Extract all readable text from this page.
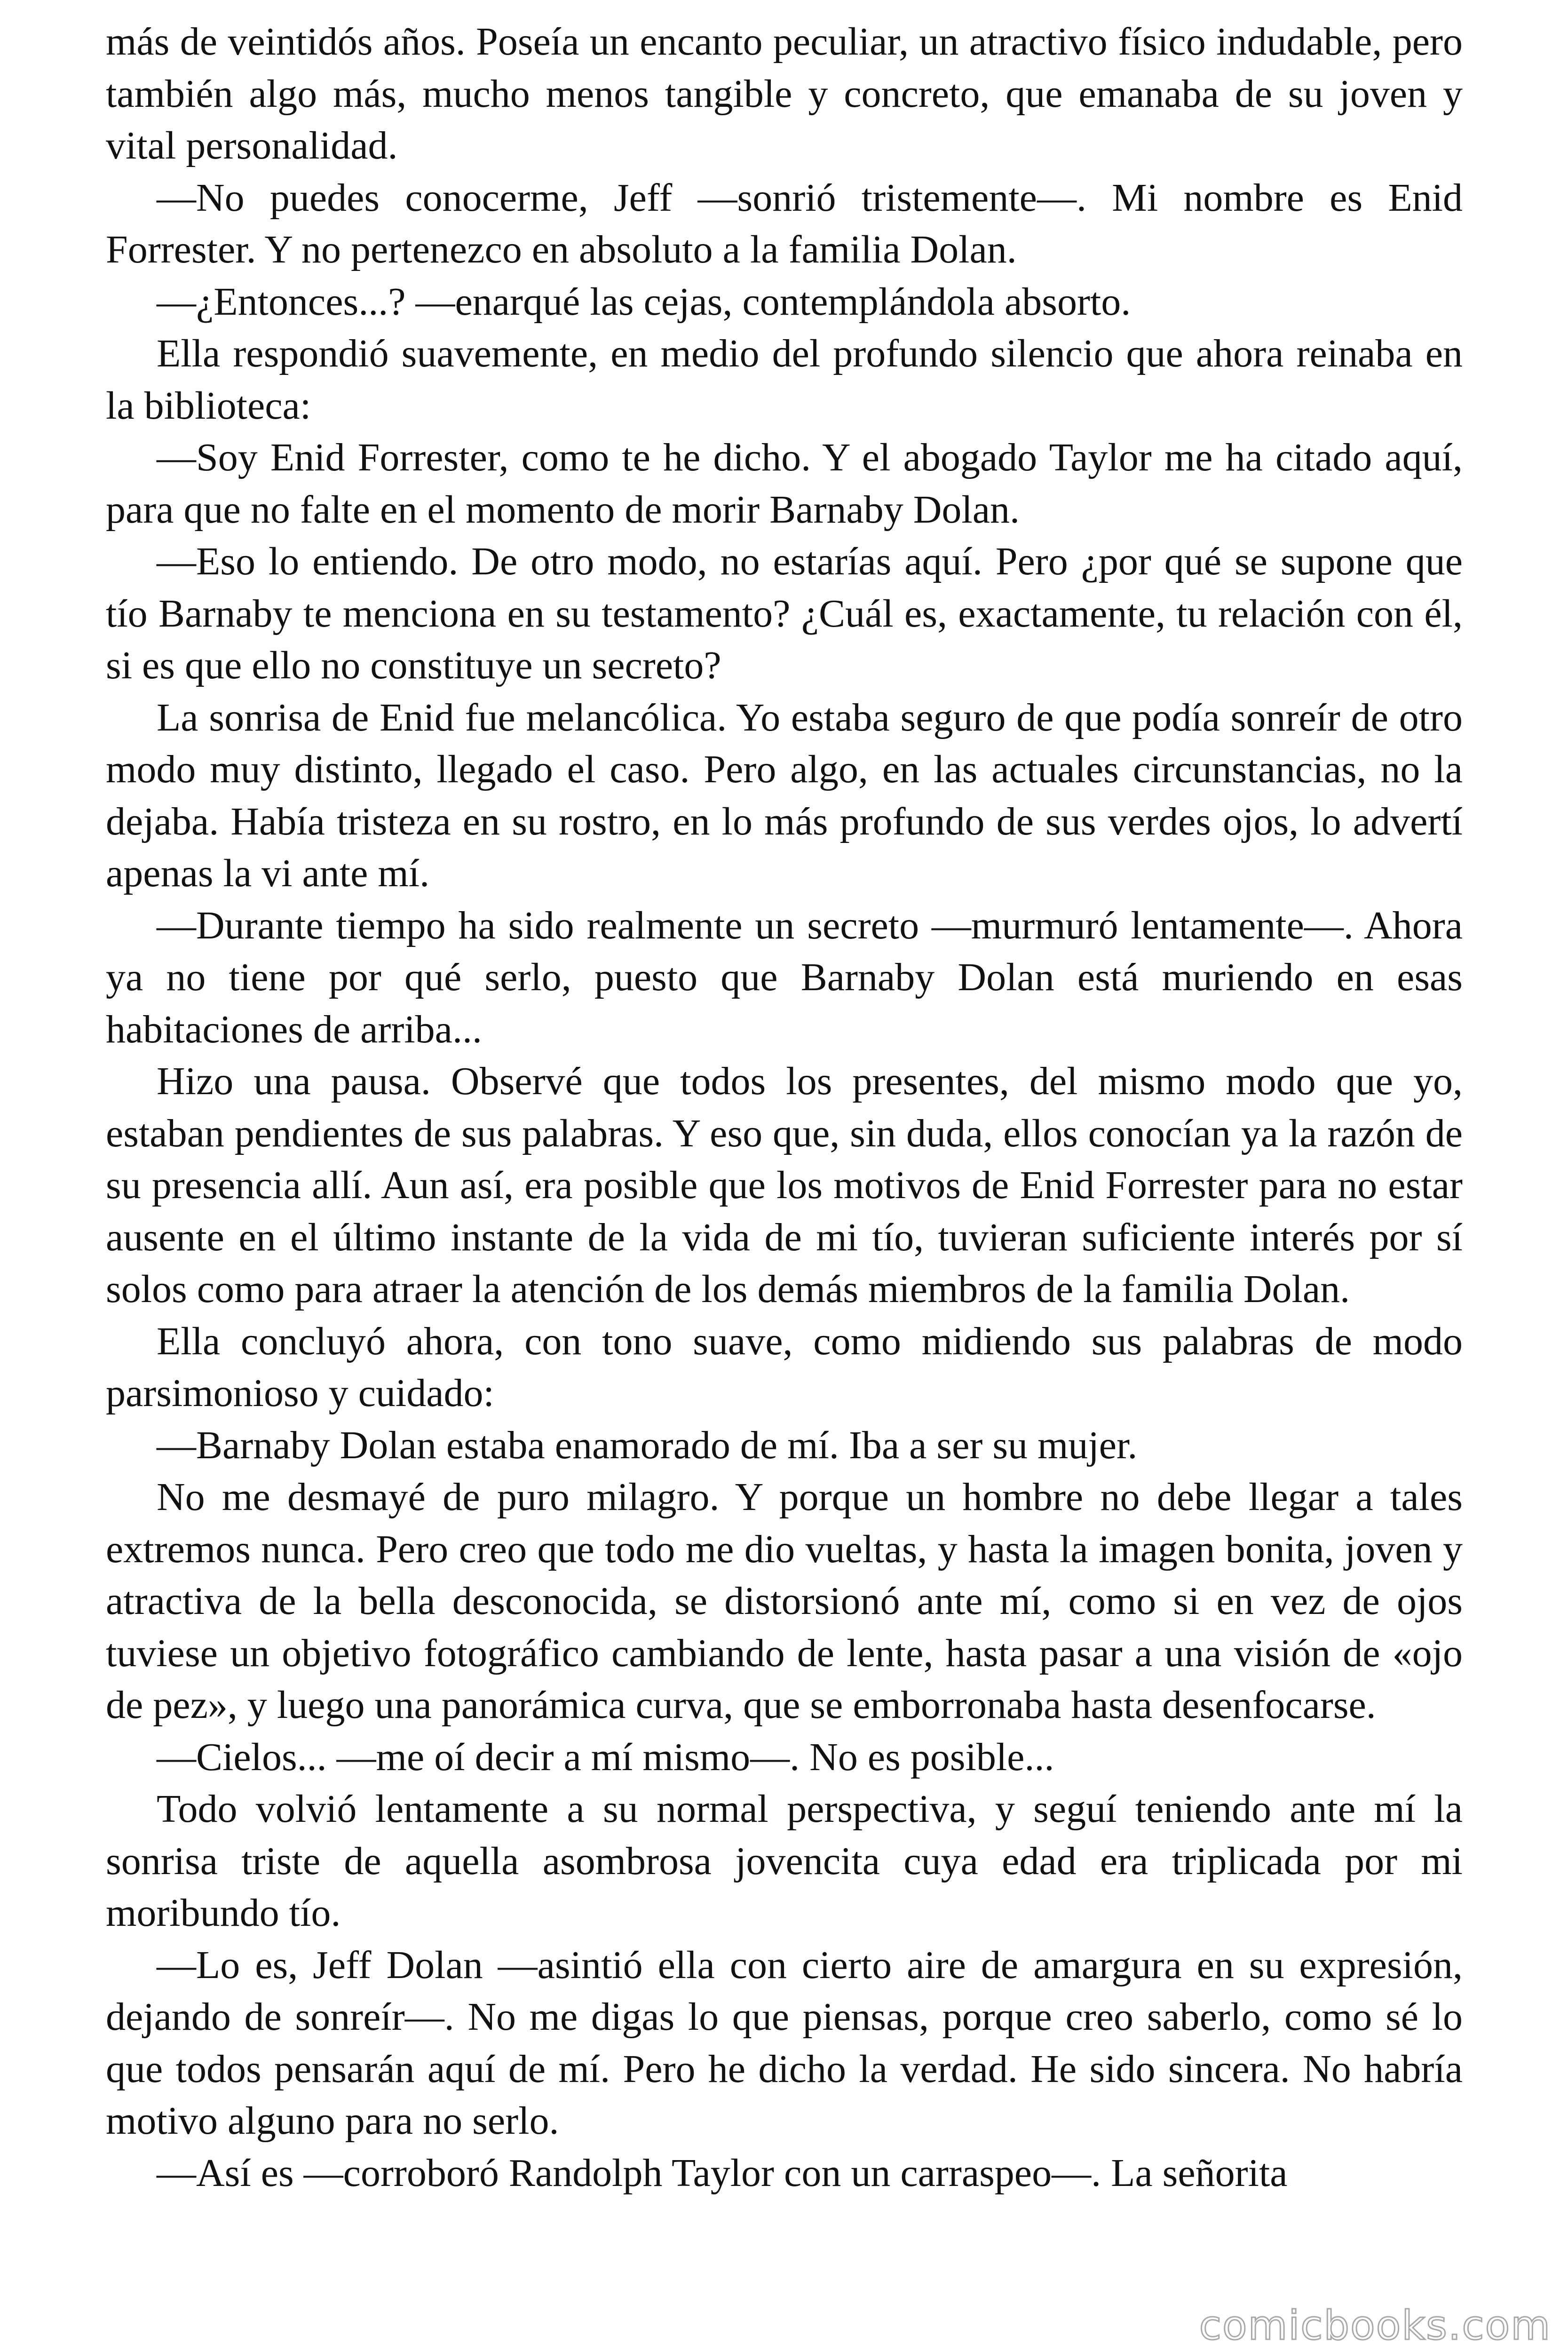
más de veintidós años. Poseía un encanto peculiar, un atractivo físico indudable, pero también algo más, mucho menos tangible y concreto, que emanaba de su joven y vital personalidad.

—No puedes conocerme, Jeff —sonrió tristemente—. Mi nombre es Enid Forrester. Y no pertenezco en absoluto a la familia Dolan.

—¿Entonces...? —enarqué las cejas, contemplándola absorto.

Ella respondió suavemente, en medio del profundo silencio que ahora reinaba en la biblioteca:

—Soy Enid Forrester, como te he dicho. Y el abogado Taylor me ha citado aquí, para que no falte en el momento de morir Barnaby Dolan.

—Eso lo entiendo. De otro modo, no estarías aquí. Pero ¿por qué se supone que tío Barnaby te menciona en su testamento? ¿Cuál es, exactamente, tu relación con él, si es que ello no constituye un secreto?

La sonrisa de Enid fue melancólica. Yo estaba seguro de que podía sonreír de otro modo muy distinto, llegado el caso. Pero algo, en las actuales circunstancias, no la dejaba. Había tristeza en su rostro, en lo más profundo de sus verdes ojos, lo advertí apenas la vi ante mí.

—Durante tiempo ha sido realmente un secreto —murmuró lentamente—. Ahora ya no tiene por qué serlo, puesto que Barnaby Dolan está muriendo en esas habitaciones de arriba...

Hizo una pausa. Observé que todos los presentes, del mismo modo que yo, estaban pendientes de sus palabras. Y eso que, sin duda, ellos conocían ya la razón de su presencia allí. Aun así, era posible que los motivos de Enid Forrester para no estar ausente en el último instante de la vida de mi tío, tuvieran suficiente interés por sí solos como para atraer la atención de los demás miembros de la familia Dolan.

Ella concluyó ahora, con tono suave, como midiendo sus palabras de modo parsimonioso y cuidado:

—Barnaby Dolan estaba enamorado de mí. Iba a ser su mujer.

No me desmayé de puro milagro. Y porque un hombre no debe llegar a tales extremos nunca. Pero creo que todo me dio vueltas, y hasta la imagen bonita, joven y atractiva de la bella desconocida, se distorsionó ante mí, como si en vez de ojos tuviese un objetivo fotográfico cambiando de lente, hasta pasar a una visión de «ojo de pez», y luego una panorámica curva, que se emborronaba hasta desenfocarse.

—Cielos... —me oí decir a mí mismo—. No es posible...

Todo volvió lentamente a su normal perspectiva, y seguí teniendo ante mí la sonrisa triste de aquella asombrosa jovencita cuya edad era triplicada por mi moribundo tío.

—Lo es, Jeff Dolan —asintió ella con cierto aire de amargura en su expresión, dejando de sonreír—. No me digas lo que piensas, porque creo saberlo, como sé lo que todos pensarán aquí de mí. Pero he dicho la verdad. He sido sincera. No habría motivo alguno para no serlo.

—Así es —corroboró Randolph Taylor con un carraspeo—. La señorita

comicbooks.com
